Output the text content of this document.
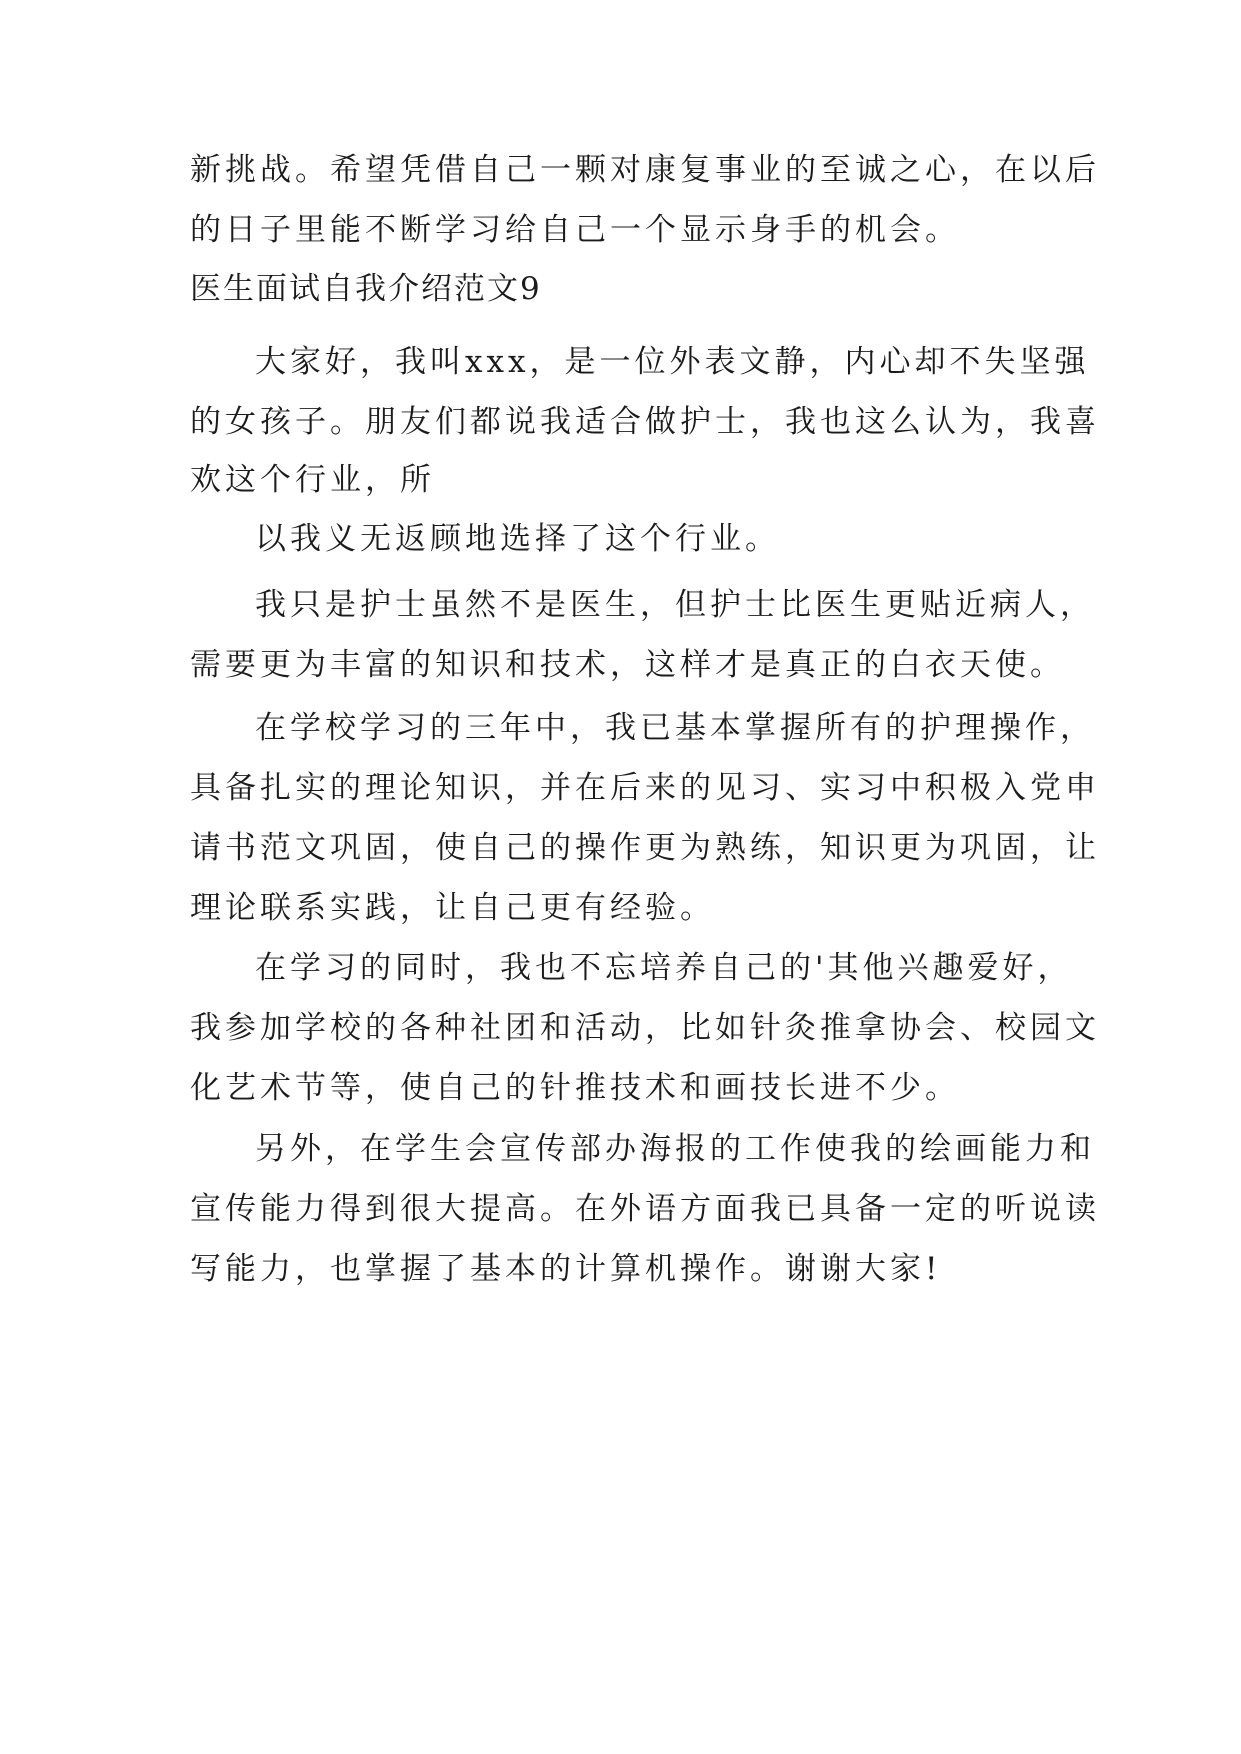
新挑战。希望凭借自己一颗对康复事业的至诚之心，在以后

的日子里能不断学习给自己一个显示身手的机会。

医生面试自我介绍范文9

大家好，我叫xxx，是一位外表文静，内心却不失坚强

的女孩子。朋友们都说我适合做护士，我也这么认为，我喜

欢这个行业，所

以我义无返顾地选择了这个行业。

我只是护士虽然不是医生，但护士比医生更贴近病人，

需要更为丰富的知识和技术，这样才是真正的白衣天使。

在学校学习的三年中，我已基本掌握所有的护理操作，

具备扎实的理论知识，并在后来的见习、实习中积极入党申

请书范文巩固，使自己的操作更为熟练，知识更为巩固，让

理论联系实践，让自己更有经验。

在学习的同时，我也不忘培养自己的'其他兴趣爱好，

我参加学校的各种社团和活动，比如针灸推拿协会、校园文

化艺术节等，使自己的针推技术和画技长进不少。

另外，在学生会宣传部办海报的工作使我的绘画能力和

宣传能力得到很大提高。在外语方面我已具备一定的听说读

写能力，也掌握了基本的计算机操作。谢谢大家!
